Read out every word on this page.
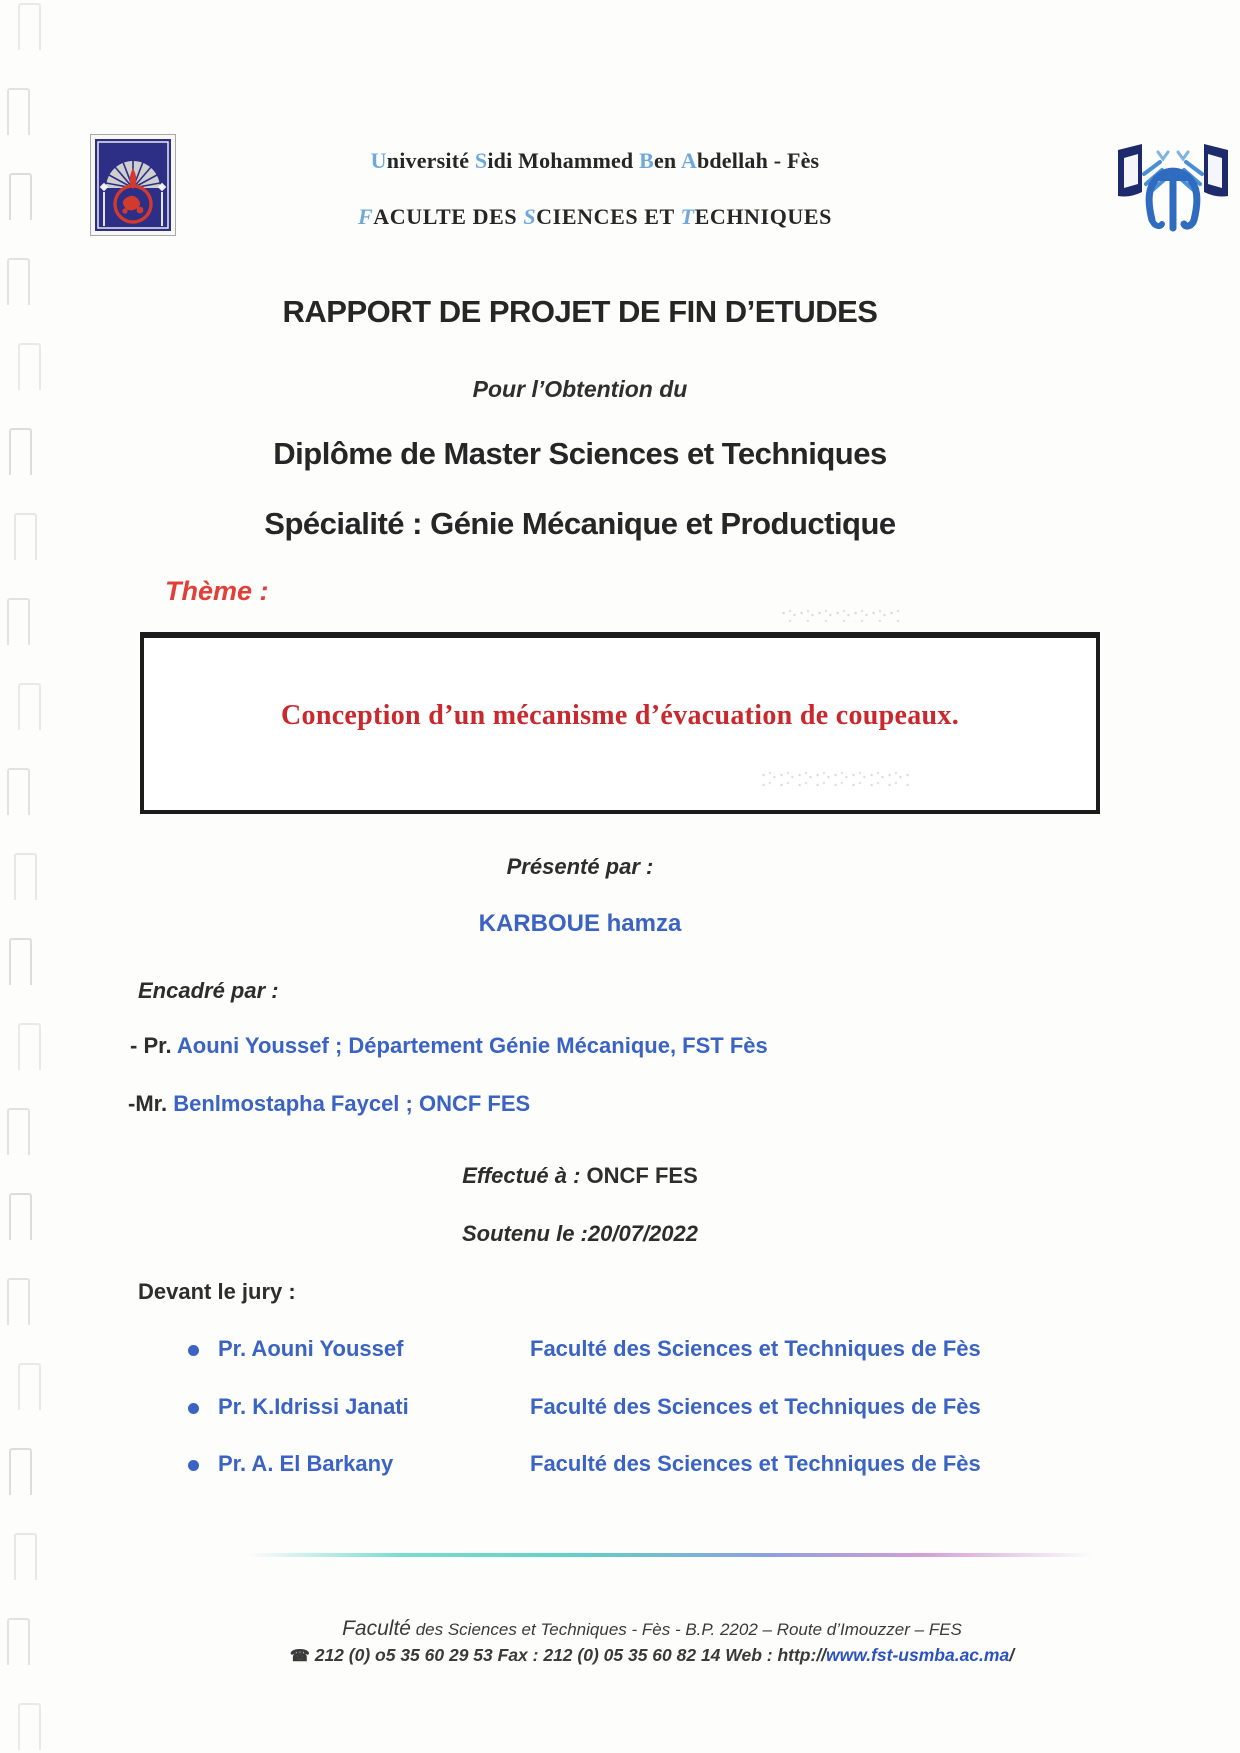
Université Sidi Mohammed Ben Abdellah - Fès
FACULTE DES SCIENCES ET TECHNIQUES
RAPPORT DE PROJET DE FIN D’ETUDES
Pour l’Obtention du
Diplôme de Master Sciences et Techniques
Spécialité : Génie Mécanique et Productique
Thème :
Conception d’un mécanisme d’évacuation de coupeaux.
Présenté par :
KARBOUE hamza
Encadré par :
- Pr. Aouni Youssef ; Département Génie Mécanique, FST Fès
-Mr. Benlmostapha Faycel ; ONCF FES
Effectué à : ONCF FES
Soutenu le :20/07/2022
Devant le jury :
Pr. Aouni Youssef	Faculté des Sciences et Techniques de Fès
Pr. K.Idrissi Janati	Faculté des Sciences et Techniques de Fès
Pr. A. El Barkany	Faculté des Sciences et Techniques de Fès
Faculté des Sciences et Techniques - Fès - B.P. 2202 – Route d’Imouzzer – FES
☎ 212 (0) o5 35 60 29 53 Fax : 212 (0) 05 35 60 82 14 Web : http://www.fst-usmba.ac.ma/
